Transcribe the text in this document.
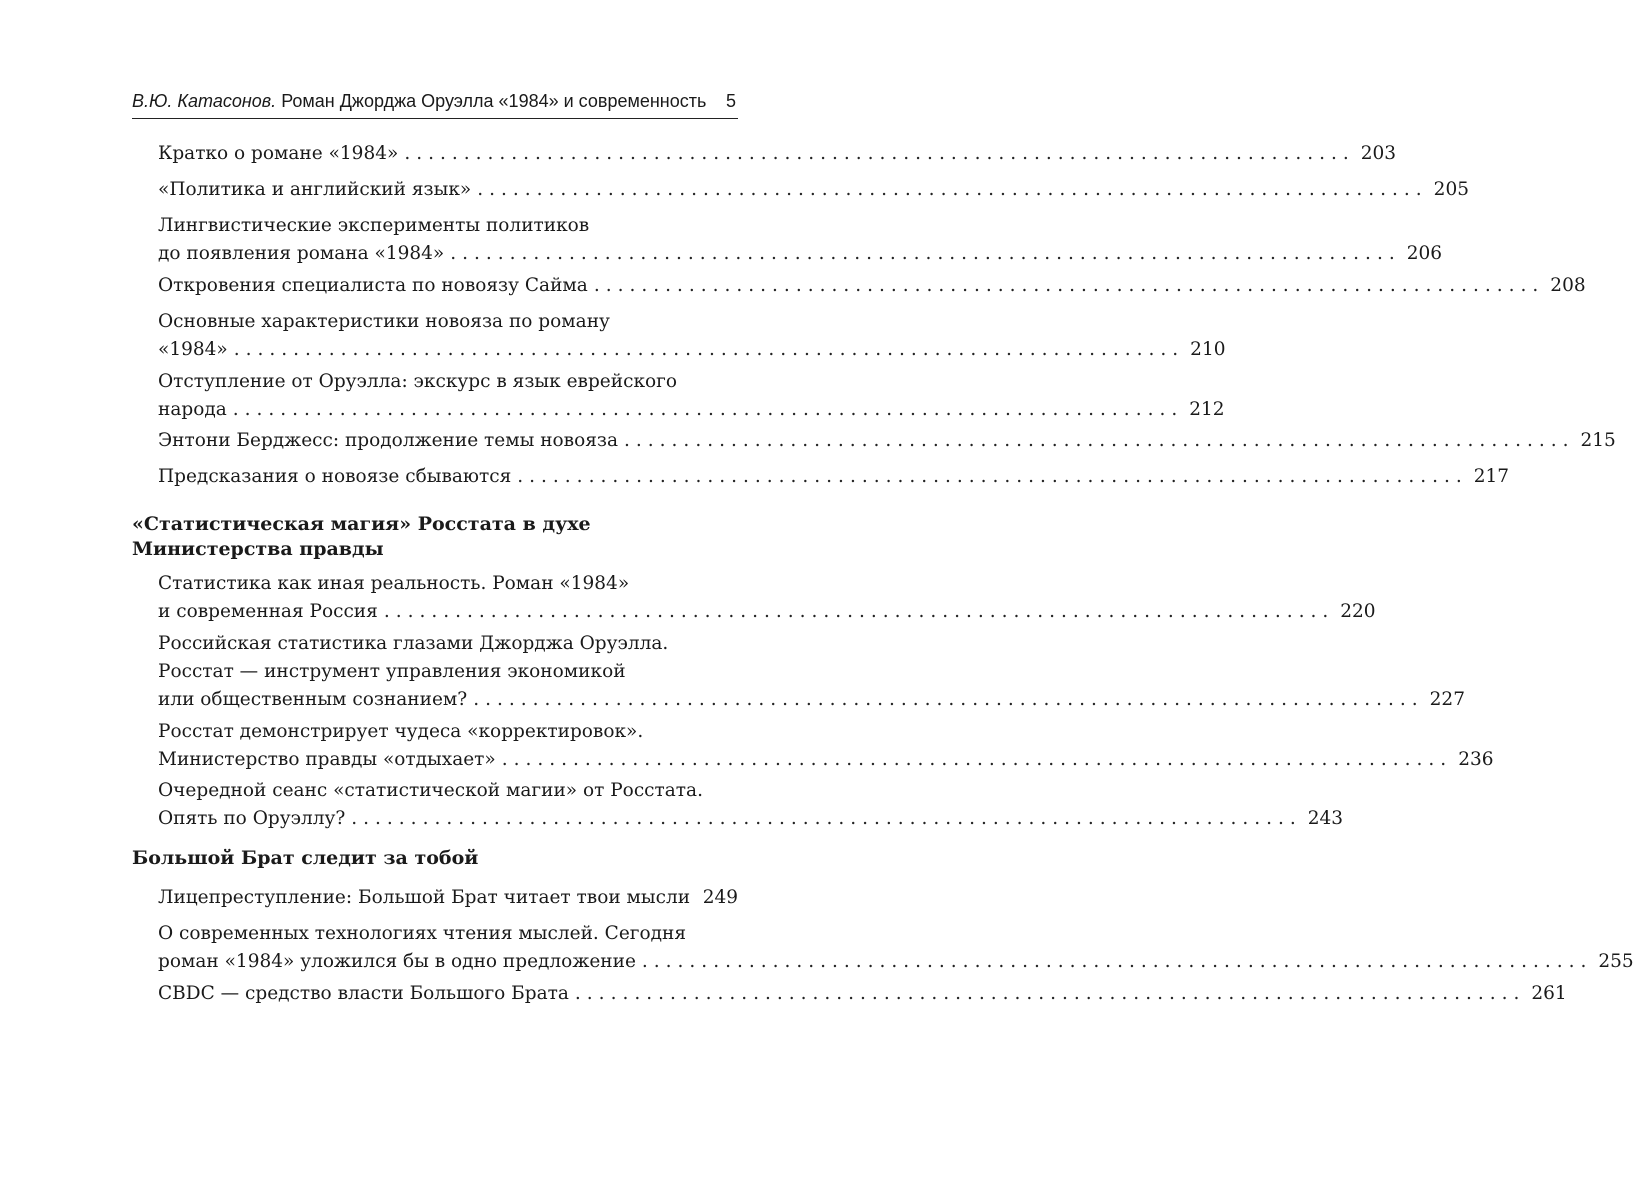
В.Ю. Катасонов. Роман Джорджа Оруэлла «1984» и современность 5
Кратко о романе «1984» ................................................................................ 203
«Политика и английский язык» ................................................................................ 205
Лингвистические эксперименты политиков
до появления романа «1984» ................................................................................ 206
Откровения специалиста по новоязу Сайма ................................................................................ 208
Основные характеристики новояза по роману
«1984» ................................................................................ 210
Отступление от Оруэлла: экскурс в язык еврейского
народа ................................................................................ 212
Энтони Берджесс: продолжение темы новояза ................................................................................ 215
Предсказания о новоязе сбываются ................................................................................ 217
«Статистическая магия» Росстата в духе
Министерства правды
Статистика как иная реальность. Роман «1984»
и современная Россия ................................................................................ 220
Российская статистика глазами Джорджа Оруэлла.
Росстат — инструмент управления экономикой
или общественным сознанием? ................................................................................ 227
Росстат демонстрирует чудеса «корректировок».
Министерство правды «отдыхает» ................................................................................ 236
Очередной сеанс «статистической магии» от Росстата.
Опять по Оруэллу? ................................................................................ 243
Большой Брат следит за тобой
Лицепреступление: Большой Брат читает твои мысли 249
О современных технологиях чтения мыслей. Сегодня
роман «1984» уложился бы в одно предложение ................................................................................ 255
CBDC — средство власти Большого Брата ................................................................................ 261
